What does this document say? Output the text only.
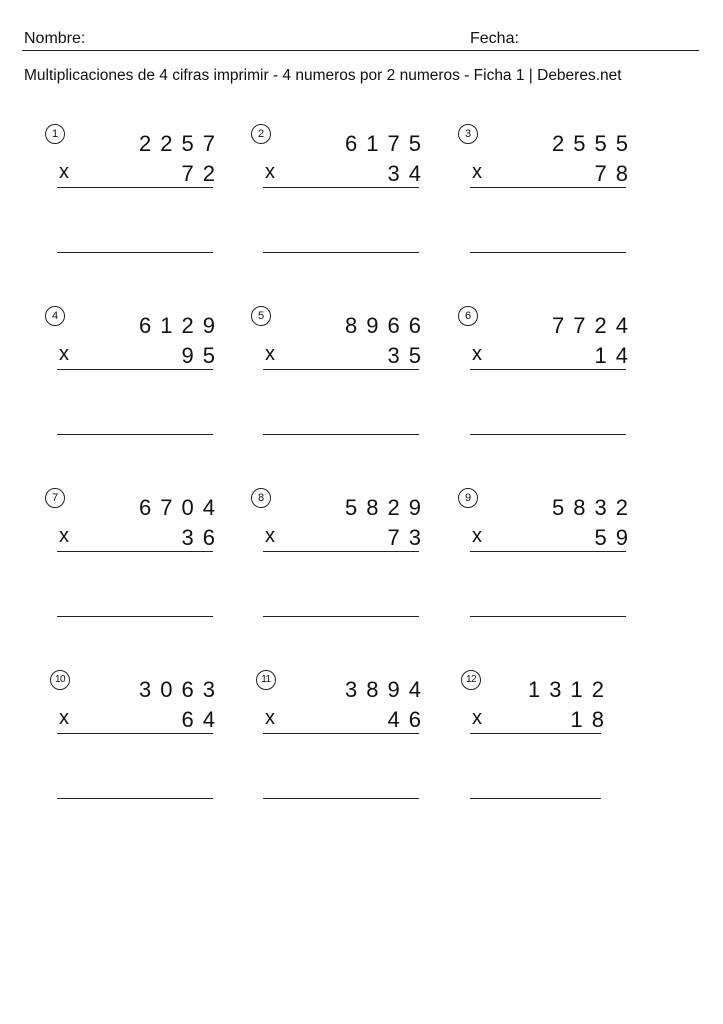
Nombre:	Fecha:
Multiplicaciones de 4 cifras imprimir - 4 numeros por 2 numeros - Ficha 1 | Deberes.net
1	2257
x	72
2	6175
x	34
3	2555
x	78
4	6129
x	95
5	8966
x	35
6	7724
x	14
7	6704
x	36
8	5829
x	73
9	5832
x	59
10	3063
x	64
11	3894
x	46
12 1312
x	18
